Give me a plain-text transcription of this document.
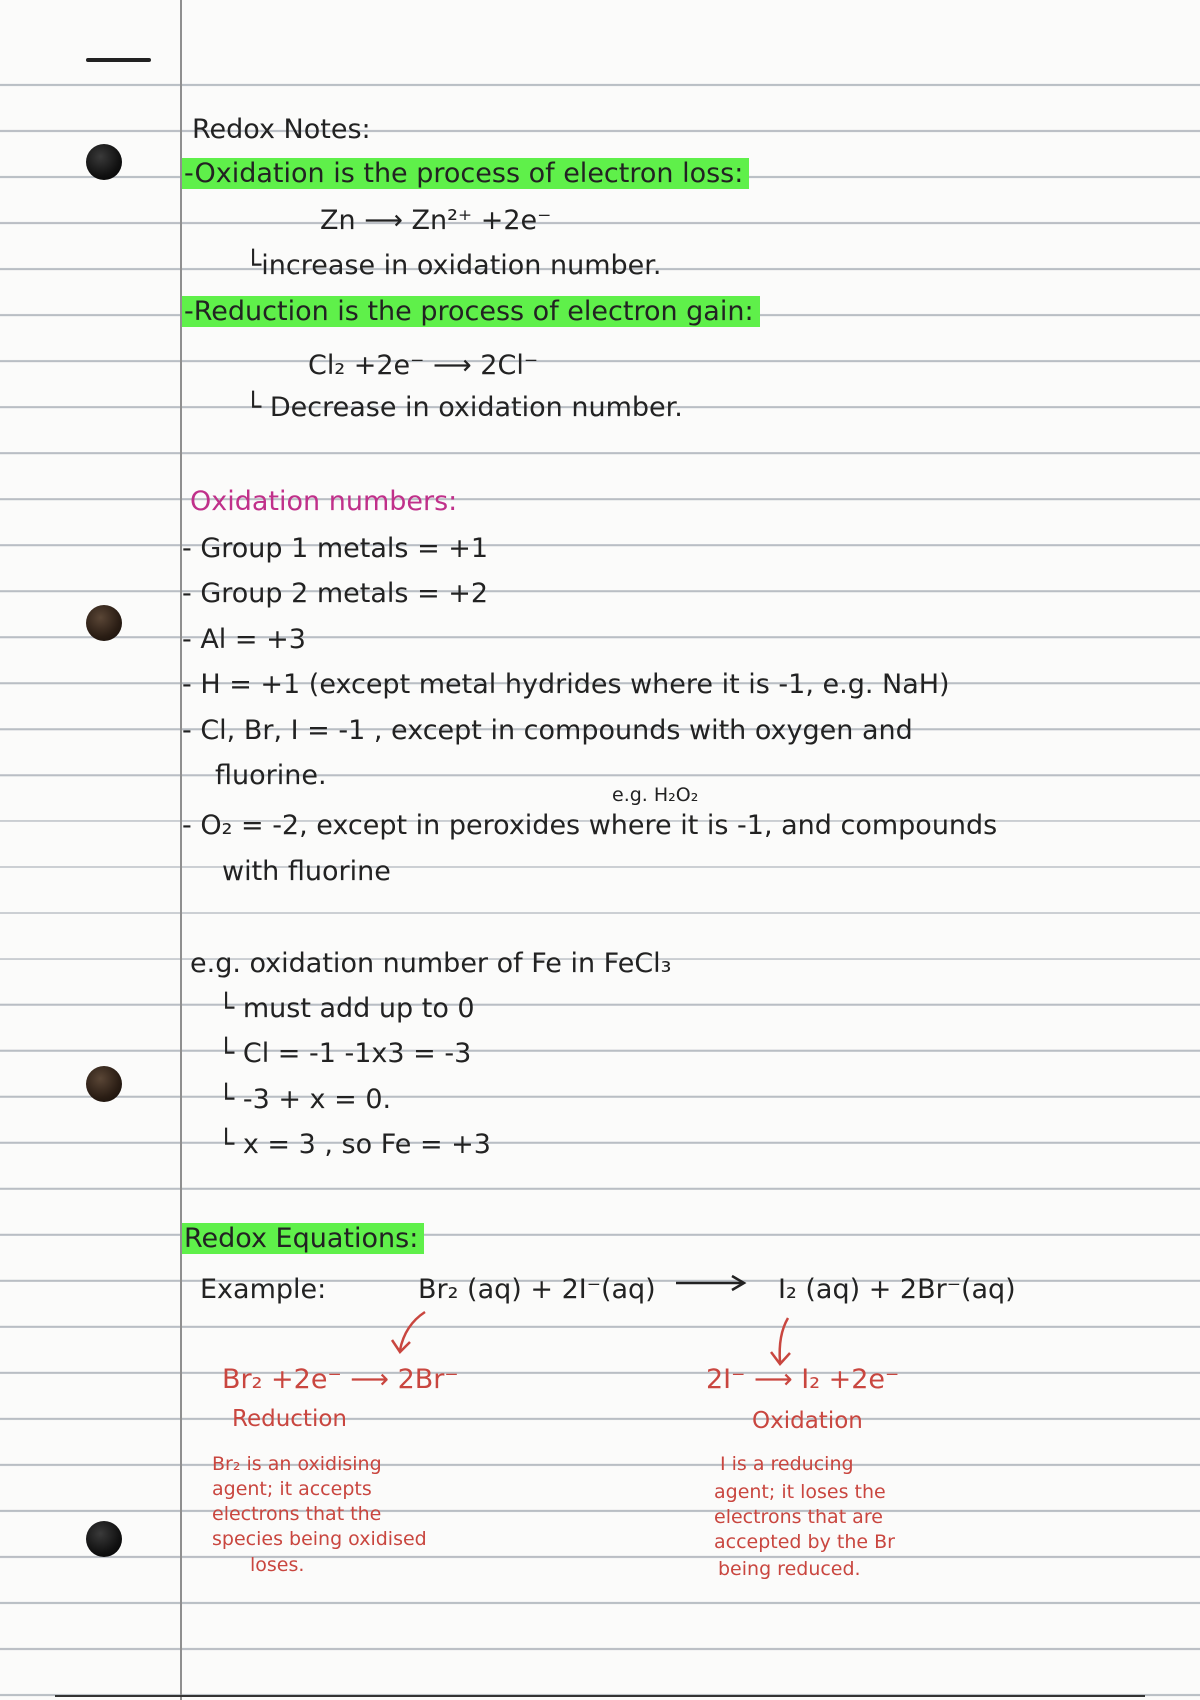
Redox Notes:
-Oxidation is the process of electron loss:
Zn ⟶ Zn²⁺ +2e⁻
└increase in oxidation number.
-Reduction is the process of electron gain:
Cl₂ +2e⁻ ⟶ 2Cl⁻
└ Decrease in oxidation number.
Oxidation numbers:
- Group 1 metals = +1
- Group 2 metals = +2
- Al = +3
- H = +1 (except metal hydrides where it is -1, e.g. NaH)
- Cl, Br, I = -1 , except in compounds with oxygen and
fluorine.
e.g. H₂O₂
- O₂ = -2, except in peroxides where it is -1, and compounds
with fluorine
e.g. oxidation number of Fe in FeCl₃
└ must add up to 0
└ Cl = -1 -1x3 = -3
└ -3 + x = 0.
└ x = 3 , so Fe = +3
Redox Equations:
Example:	Br₂ (aq) + 2I⁻(aq)	I₂ (aq) + 2Br⁻(aq)
Br₂ +2e⁻ ⟶ 2Br⁻
Reduction
Br₂ is an oxidising
agent; it accepts
electrons that the
species being oxidised
loses.
2I⁻ ⟶ I₂ +2e⁻
Oxidation
I is a reducing
agent; it loses the
electrons that are
accepted by the Br
being reduced.
